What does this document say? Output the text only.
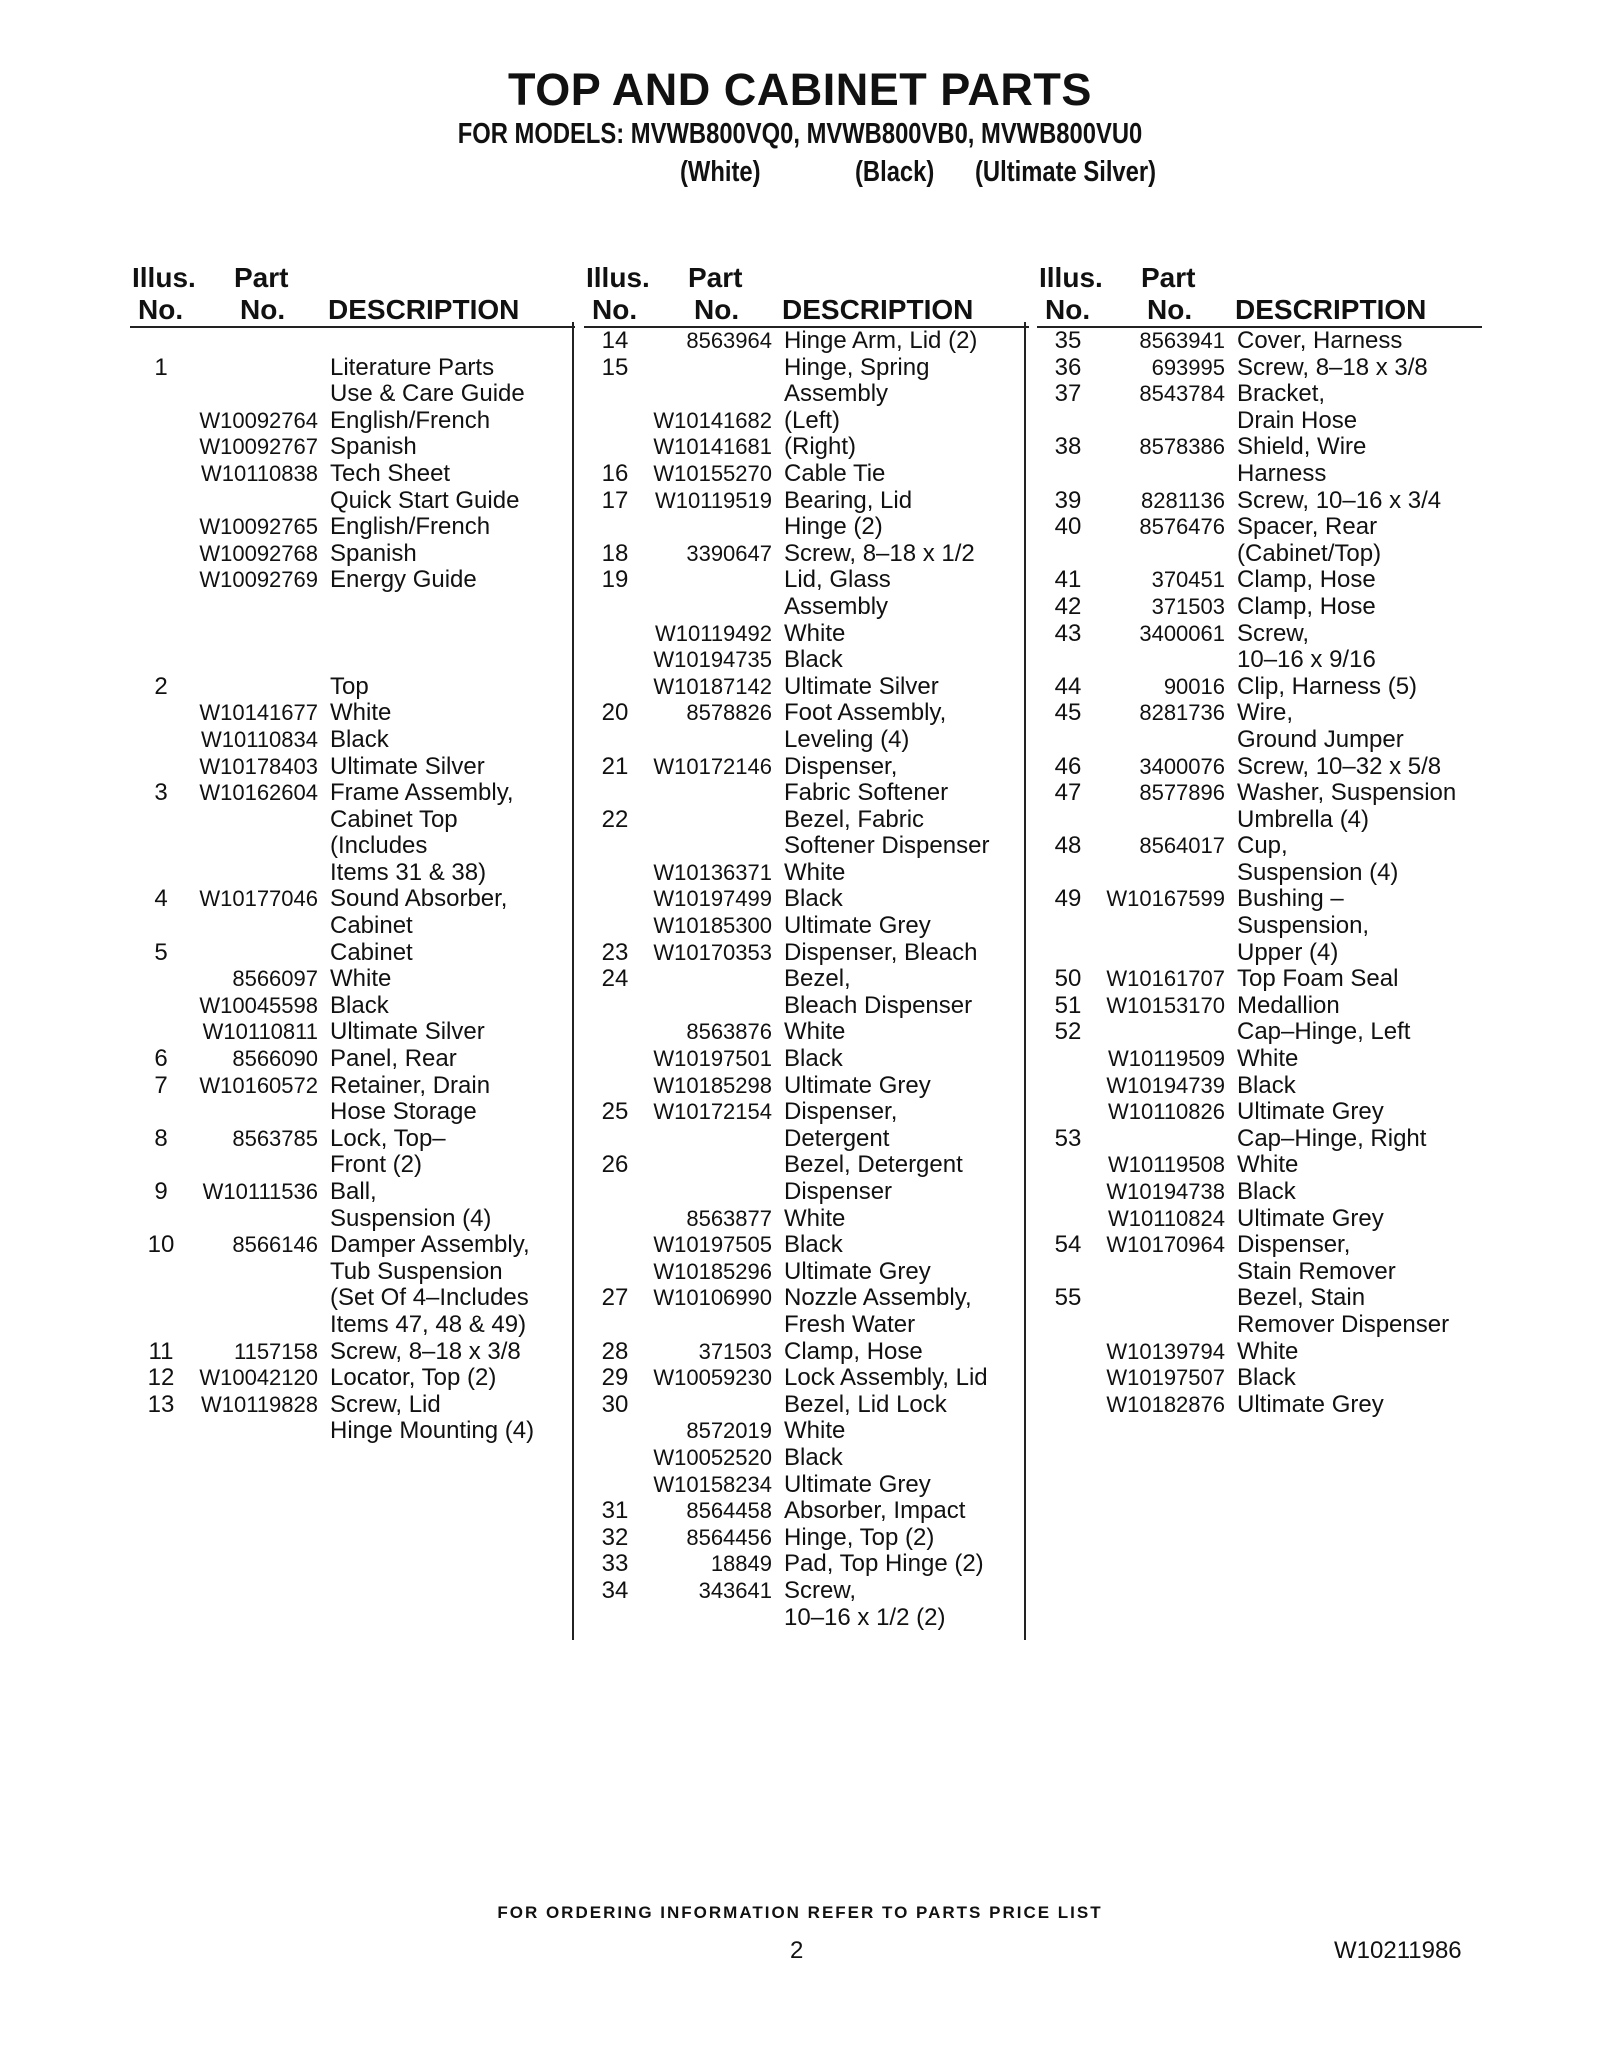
TOP AND CABINET PARTS
FOR MODELS: MVWB800VQ0, MVWB800VB0, MVWB800VU0
(White)	(Black) (Ultimate Silver)
Illus.
No.
Part
No. DESCRIPTION
1	Literature Parts
Use & Care Guide
W10092764 English/French
W10092767 Spanish
W10110838 Tech Sheet
Quick Start Guide
W10092765 English/French
W10092768 Spanish
W10092769 Energy Guide
2	Top
W10141677 White
W10110834 Black
W10178403 Ultimate Silver
3	W10162604 Frame Assembly,
Cabinet Top
(Includes
Items 31 & 38)
4	W10177046 Sound Absorber,
Cabinet
5	Cabinet
8566097 White
W10045598 Black
W10110811 Ultimate Silver
6	8566090 Panel, Rear
7	W10160572 Retainer, Drain
Hose Storage
8	8563785 Lock, Top–
Front (2)
9	W10111536 Ball,
Suspension (4)
10	8566146 Damper Assembly,
Tub Suspension
(Set Of 4–Includes
Items 47, 48 & 49)
11	1157158 Screw, 8–18 x 3/8
12	W10042120 Locator, Top (2)
13	W10119828 Screw, Lid
Hinge Mounting (4)
Illus.
No.
Part
No. DESCRIPTION
14	8563964 Hinge Arm, Lid (2)
15	Hinge, Spring
Assembly
W10141682 (Left)
W10141681 (Right)
16	W10155270 Cable Tie
17	W10119519 Bearing, Lid
Hinge (2)
18	3390647 Screw, 8–18 x 1/2
19	Lid, Glass
Assembly
W10119492 White
W10194735 Black
W10187142 Ultimate Silver
20	8578826 Foot Assembly,
Leveling (4)
21	W10172146 Dispenser,
Fabric Softener
22	Bezel, Fabric
Softener Dispenser
W10136371 White
W10197499 Black
W10185300 Ultimate Grey
23	W10170353 Dispenser, Bleach
24	Bezel,
Bleach Dispenser
8563876 White
W10197501 Black
W10185298 Ultimate Grey
25	W10172154 Dispenser,
Detergent
26	Bezel, Detergent
Dispenser
8563877 White
W10197505 Black
W10185296 Ultimate Grey
27	W10106990 Nozzle Assembly,
Fresh Water
28	371503 Clamp, Hose
29	W10059230 Lock Assembly, Lid
30	Bezel, Lid Lock
8572019 White
W10052520 Black
W10158234 Ultimate Grey
31	8564458 Absorber, Impact
32	8564456 Hinge, Top (2)
33	18849 Pad, Top Hinge (2)
34	343641 Screw,
10–16 x 1/2 (2)
Illus.
No.
Part
No. DESCRIPTION
35	8563941 Cover, Harness
36	693995 Screw, 8–18 x 3/8
37	8543784 Bracket,
Drain Hose
38	8578386 Shield, Wire
Harness
39	8281136 Screw, 10–16 x 3/4
40	8576476 Spacer, Rear
(Cabinet/Top)
41	370451 Clamp, Hose
42	371503 Clamp, Hose
43	3400061 Screw,
10–16 x 9/16
44	90016 Clip, Harness (5)
45	8281736 Wire,
Ground Jumper
46	3400076 Screw, 10–32 x 5/8
47	8577896 Washer, Suspension
Umbrella (4)
48	8564017 Cup,
Suspension (4)
49	W10167599 Bushing –
Suspension,
Upper (4)
50	W10161707 Top Foam Seal
51	W10153170 Medallion
52	Cap–Hinge, Left
W10119509 White
W10194739 Black
W10110826 Ultimate Grey
53	Cap–Hinge, Right
W10119508 White
W10194738 Black
W10110824 Ultimate Grey
54	W10170964 Dispenser,
Stain Remover
55	Bezel, Stain
Remover Dispenser
W10139794 White
W10197507 Black
W10182876 Ultimate Grey
FOR ORDERING INFORMATION REFER TO PARTS PRICE LIST
2	W10211986
